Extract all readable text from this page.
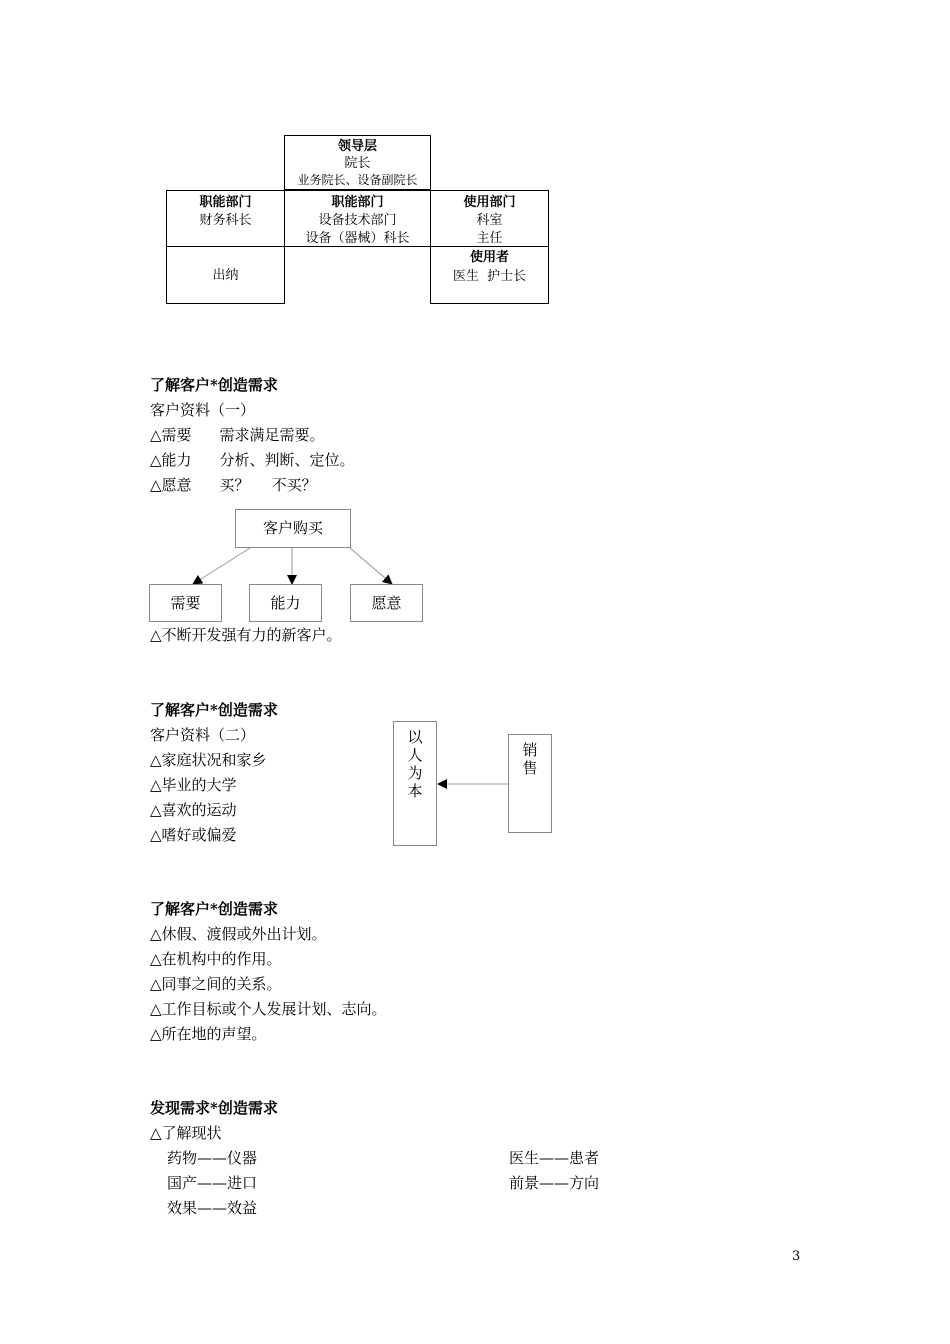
领导层
院长
业务院长、设备副院长
职能部门
财务科长
职能部门
设备技术部门
设备（器械）科长
使用部门
科室
主任
出纳
使用者
医生  护士长
了解客户*创造需求
客户资料（一）
△需要 需求满足需要。
△能力 分析、判断、定位。
△愿意 买？ 不买？
客户购买
需要	能力	愿意
△不断开发强有力的新客户。
了解客户*创造需求
客户资料（二）
△家庭状况和家乡
△毕业的大学
△喜欢的运动
△嗜好或偏爱
以人为本
销售
了解客户*创造需求
△休假、渡假或外出计划。
△在机构中的作用。
△同事之间的关系。
△工作目标或个人发展计划、志向。
△所在地的声望。
发现需求*创造需求
△了解现状
药物——仪器
国产——进口
效果——效益
医生——患者
前景——方向
3
